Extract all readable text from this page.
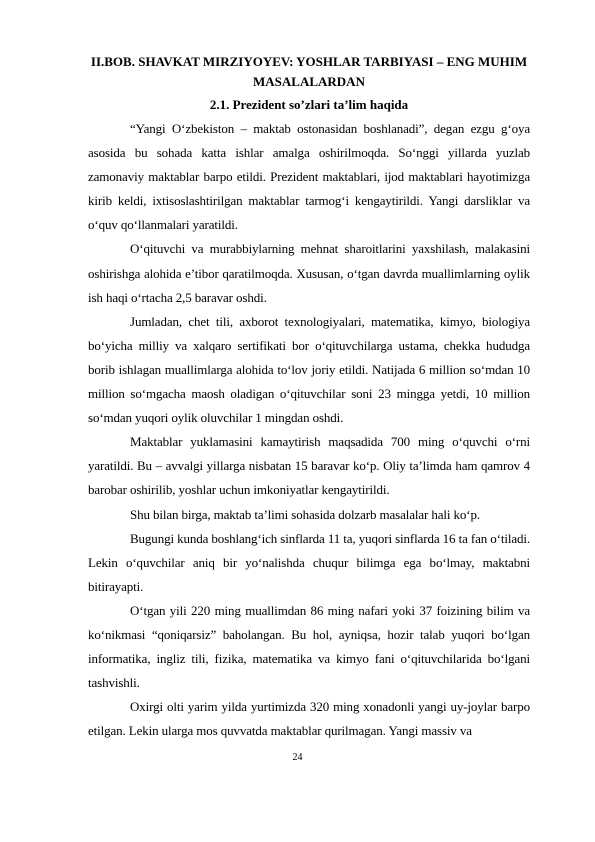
II.BOB. SHAVKAT MIRZIYOYEV: YOSHLAR TARBIYASI – ENG MUHIM MASALALARDAN
2.1. Prezident so’zlari ta’lim haqida

“Yangi O‘zbekiston – maktab ostonasidan boshlanadi”, degan ezgu g‘oya asosida bu sohada katta ishlar amalga oshirilmoqda. So‘nggi yillarda yuzlab zamonaviy maktablar barpo etildi. Prezident maktablari, ijod maktablari hayotimizga kirib keldi, ixtisoslashtirilgan maktablar tarmog‘i kengaytirildi. Yangi darsliklar va o‘quv qo‘llanmalari yaratildi.

O‘qituvchi va murabbiylarning mehnat sharoitlarini yaxshilash, malakasini oshirishga alohida e’tibor qaratilmoqda. Xususan, o‘tgan davrda muallimlarning oylik ish haqi o‘rtacha 2,5 baravar oshdi.

Jumladan, chet tili, axborot texnologiyalari, matematika, kimyo, biologiya bo‘yicha milliy va xalqaro sertifikati bor o‘qituvchilarga ustama, chekka hududga borib ishlagan muallimlarga alohida to‘lov joriy etildi. Natijada 6 million so‘mdan 10 million so‘mgacha maosh oladigan o‘qituvchilar soni 23 mingga yetdi, 10 million so‘mdan yuqori oylik oluvchilar 1 mingdan oshdi.

Maktablar yuklamasini kamaytirish maqsadida 700 ming o‘quvchi o‘rni yaratildi. Bu – avvalgi yillarga nisbatan 15 baravar ko‘p. Oliy ta’limda ham qamrov 4 barobar oshirilib, yoshlar uchun imkoniyatlar kengaytirildi.

Shu bilan birga, maktab ta’limi sohasida dolzarb masalalar hali ko‘p.

Bugungi kunda boshlang‘ich sinflarda 11 ta, yuqori sinflarda 16 ta fan o‘tiladi. Lekin o‘quvchilar aniq bir yo‘nalishda chuqur bilimga ega bo‘lmay, maktabni bitirayapti.

O‘tgan yili 220 ming muallimdan 86 ming nafari yoki 37 foizining bilim va ko‘nikmasi “qoniqarsiz” baholangan. Bu hol, ayniqsa, hozir talab yuqori bo‘lgan informatika, ingliz tili, fizika, matematika va kimyo fani o‘qituvchilarida bo‘lgani tashvishli.

Oxirgi olti yarim yilda yurtimizda 320 ming xonadonli yangi uy-joylar barpo etilgan. Lekin ularga mos quvvatda maktablar qurilmagan. Yangi massiv va

24
